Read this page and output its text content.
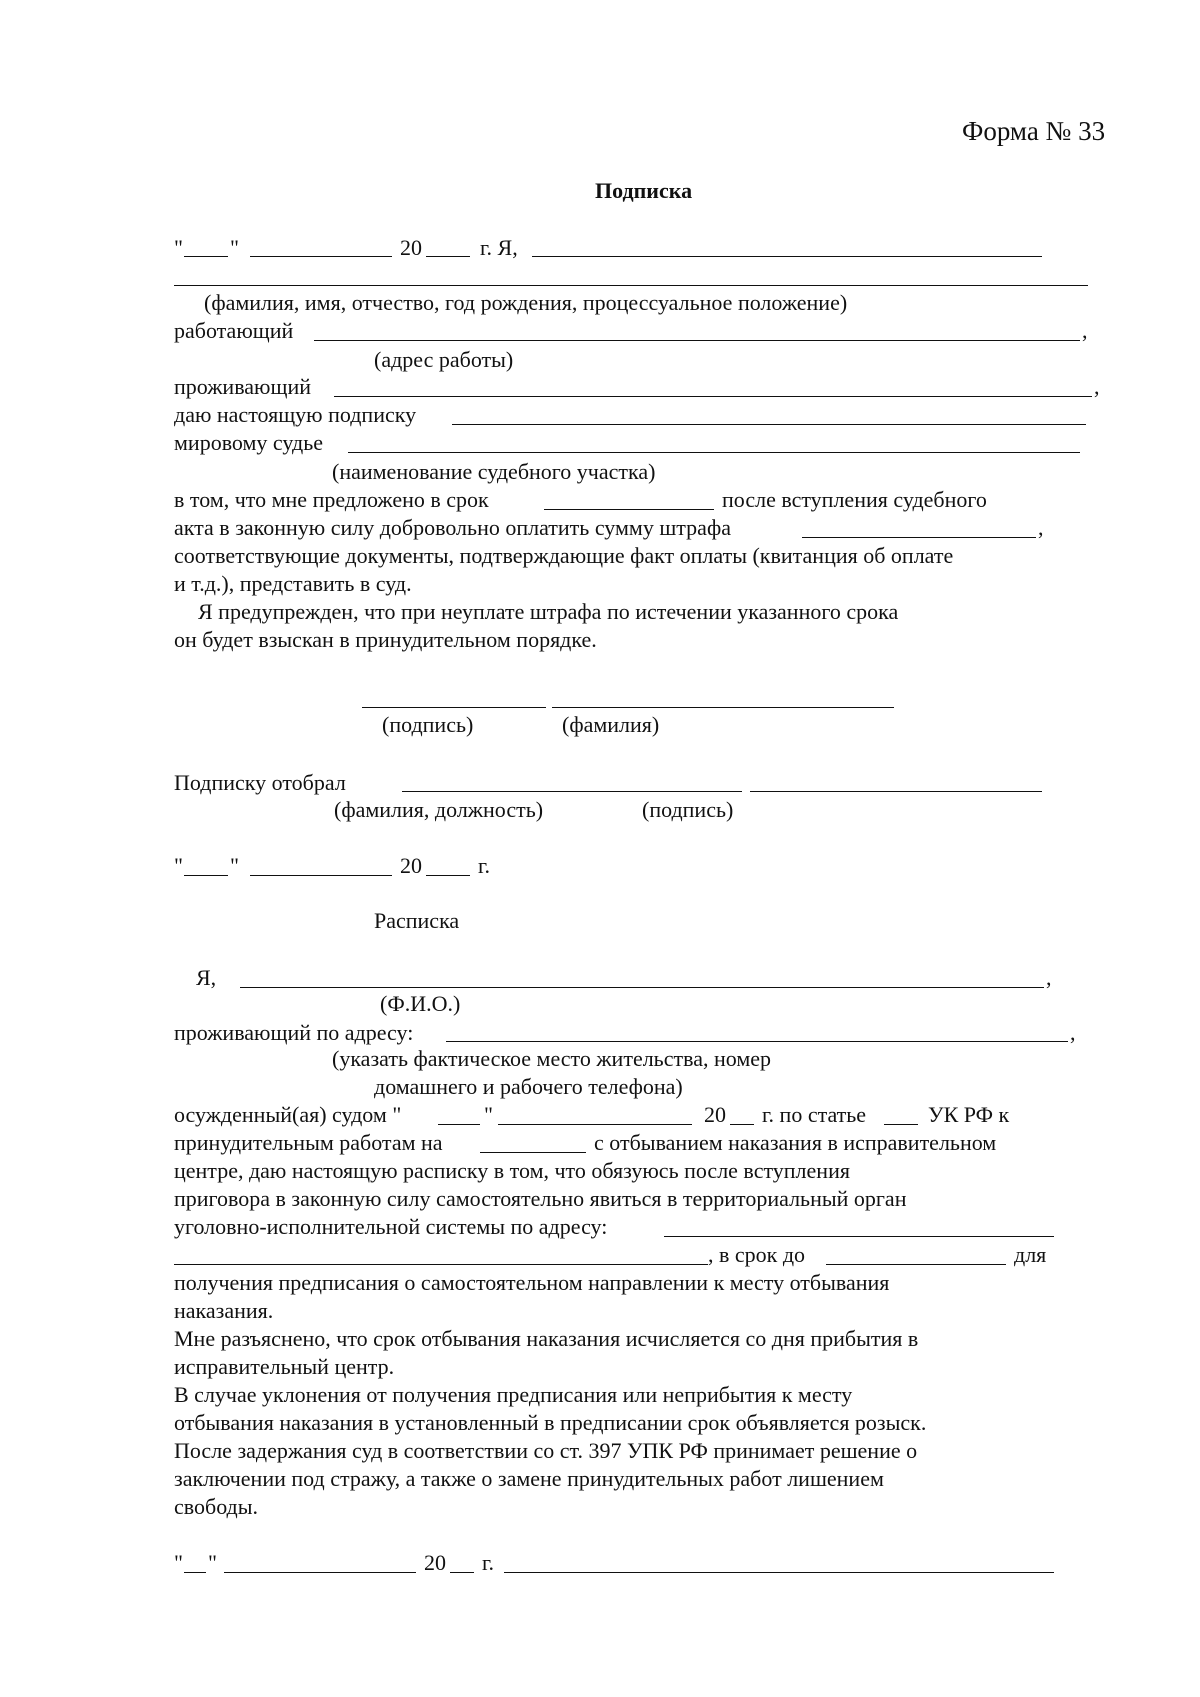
Форма № 33
Подписка
" "	20	г. Я,
(фамилия, имя, отчество, год рождения, процессуальное положение)
работающий	,
(адрес работы)
проживающий	,
даю настоящую подписку
мировому судье
(наименование судебного участка)
в том, что мне предложено в срок	после вступления судебного
акта в законную силу добровольно оплатить сумму штрафа	,
соответствующие документы, подтверждающие факт оплаты (квитанция об оплате
и т.д.), представить в суд.
Я предупрежден, что при неуплате штрафа по истечении указанного срока
он будет взыскан в принудительном порядке.
(подпись)	(фамилия)
Подписку отобрал
(фамилия, должность)	(подпись)
" "	20	г.
Расписка
Я,	,
(Ф.И.О.)
проживающий по адресу:	,
(указать фактическое место жительства, номер
домашнего и рабочего телефона)
осужденный(ая) судом "	"	20 г. по статье	УК РФ к
принудительным работам на	с отбыванием наказания в исправительном
центре, даю настоящую расписку в том, что обязуюсь после вступления
приговора в законную силу самостоятельно явиться в территориальный орган
уголовно-исполнительной системы по адресу:
, в срок до	для
получения предписания о самостоятельном направлении к месту отбывания
наказания.
Мне разъяснено, что срок отбывания наказания исчисляется со дня прибытия в
исправительный центр.
В случае уклонения от получения предписания или неприбытия к месту
отбывания наказания в установленный в предписании срок объявляется розыск.
После задержания суд в соответствии со ст. 397 УПК РФ принимает решение о
заключении под стражу, а также о замене принудительных работ лишением
свободы.
" "	20 г.
